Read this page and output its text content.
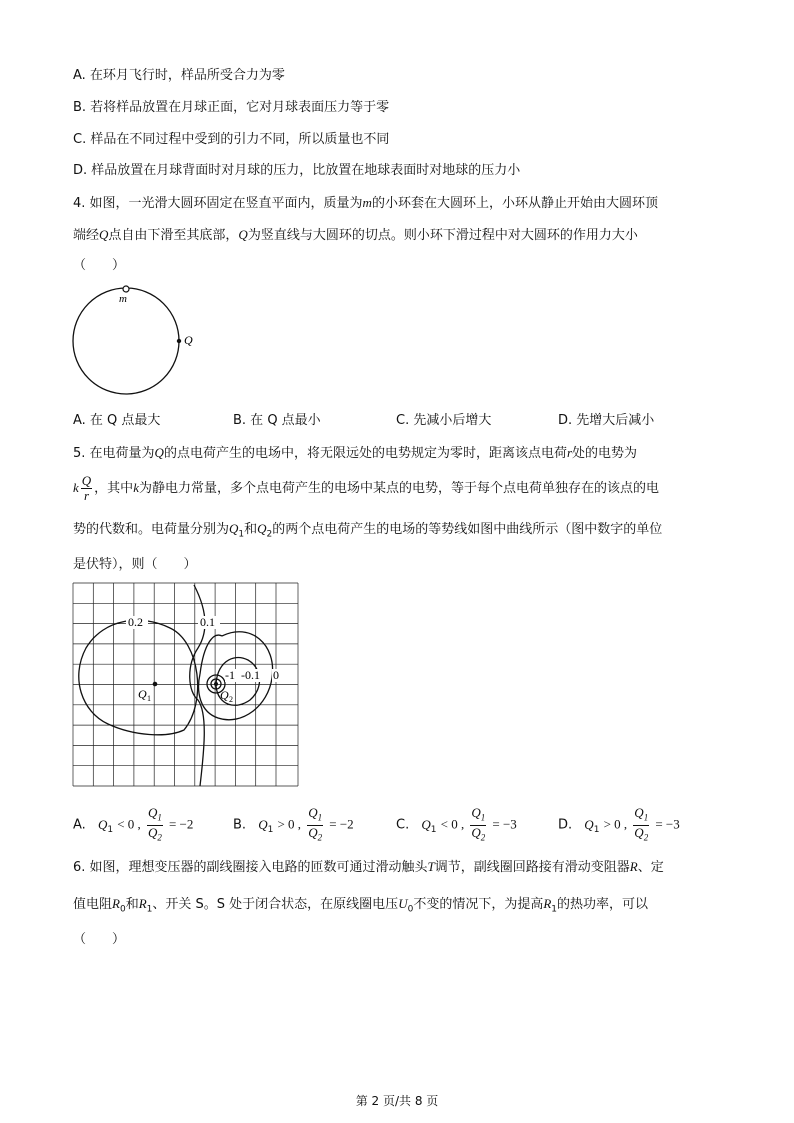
A. 在环月飞行时，样品所受合力为零
B. 若将样品放置在月球正面，它对月球表面压力等于零
C. 样品在不同过程中受到的引力不同，所以质量也不同
D. 样品放置在月球背面时对月球的压力，比放置在地球表面时对地球的压力小
4. 如图，一光滑大圆环固定在竖直平面内，质量为m的小环套在大圆环上，小环从静止开始由大圆环顶
端经Q点自由下滑至其底部，Q为竖直线与大圆环的切点。则小环下滑过程中对大圆环的作用力大小
（　　）
m
Q
A. 在 Q 点最大	B. 在 Q 点最小	C. 先减小后增大	D. 先增大后减小
5. 在电荷量为Q的点电荷产生的电场中，将无限远处的电势规定为零时，距离该点电荷r处的电势为
k $\frac{Q}{r}$ ，其中k为静电力常量，多个点电荷产生的电场中某点的电势，等于每个点电荷单独存在的该点的电
势的代数和。电荷量分别为$Q_1$和$Q_2$的两个点电荷产生的电场的等势线如图中曲线所示（图中数字的单位
是伏特），则（　　）
0.2	0.1
-1 -0.1 0
Q 1	Q 2
A. $Q_1 < 0$ , $\frac{Q_1}{Q_2} = -2$	B. $Q_1 > 0$ , $\frac{Q_1}{Q_2} = -2$	C. $Q_1 < 0$ , $\frac{Q_1}{Q_2} = -3$	D. $Q_1 > 0$ , $\frac{Q_1}{Q_2} = -3$
6. 如图，理想变压器的副线圈接入电路的匝数可通过滑动触头T调节，副线圈回路接有滑动变阻器R、定
值电阻$R_0$和$R_1$、开关 S。S 处于闭合状态，在原线圈电压$U_0$不变的情况下，为提高$R_1$的热功率，可以
（　　）
第 2 页/共 8 页
